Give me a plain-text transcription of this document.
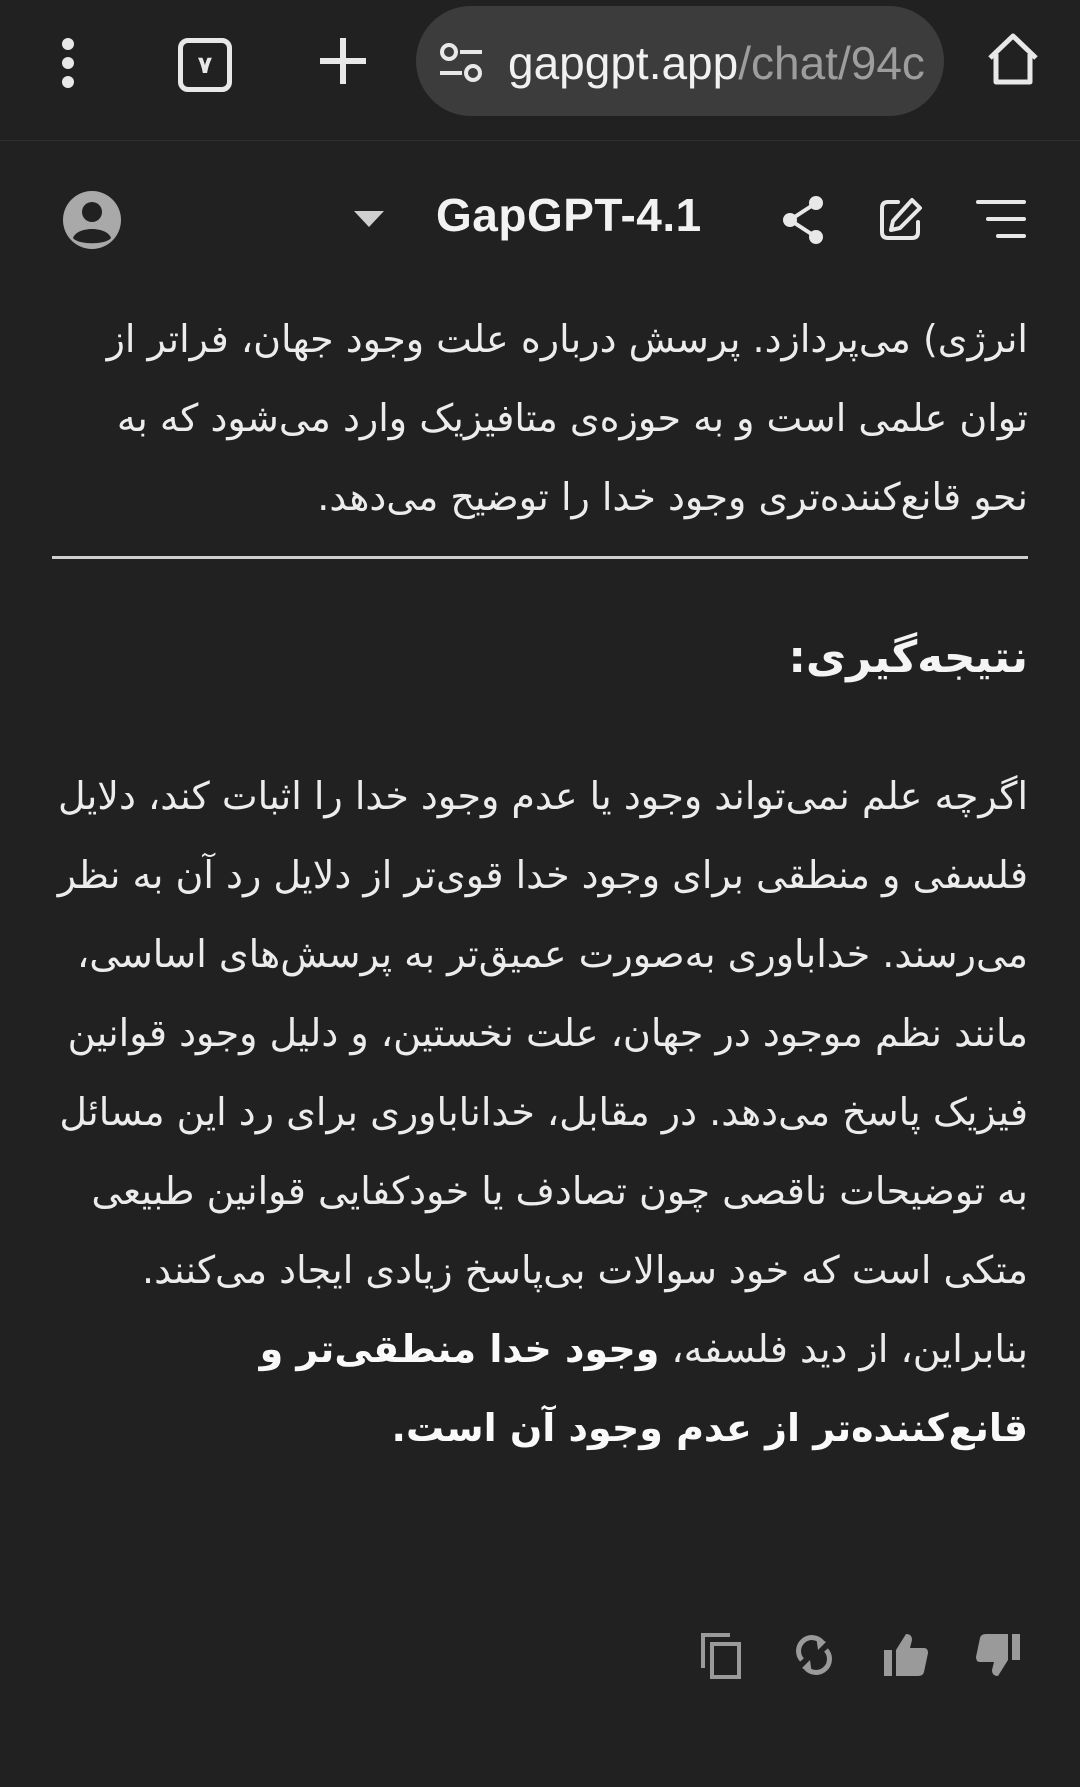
۷	gapgpt.app/chat/94c
GapGPT-4.1

انرژی) می‌پردازد. پرسش درباره علت وجود جهان، فراتر از توان علمی است و به حوزه‌ی متافیزیک وارد می‌شود که به نحو قانع‌کننده‌تری وجود خدا را توضیح می‌دهد.

نتیجه‌گیری:
اگرچه علم نمی‌تواند وجود یا عدم وجود خدا را اثبات کند، دلایل فلسفی و منطقی برای وجود خدا قوی‌تر از دلایل رد آن به نظر می‌رسند. خداباوری به‌صورت عمیق‌تر به پرسش‌های اساسی، مانند نظم موجود در جهان، علت نخستین، و دلیل وجود قوانین فیزیک پاسخ می‌دهد. در مقابل، خداناباوری برای رد این مسائل به توضیحات ناقصی چون تصادف یا خودکفایی قوانین طبیعی متکی است که خود سوالات بی‌پاسخ زیادی ایجاد می‌کنند. بنابراین، از دید فلسفه، وجود خدا منطقی‌تر و قانع‌کننده‌تر از عدم وجود آن است.
